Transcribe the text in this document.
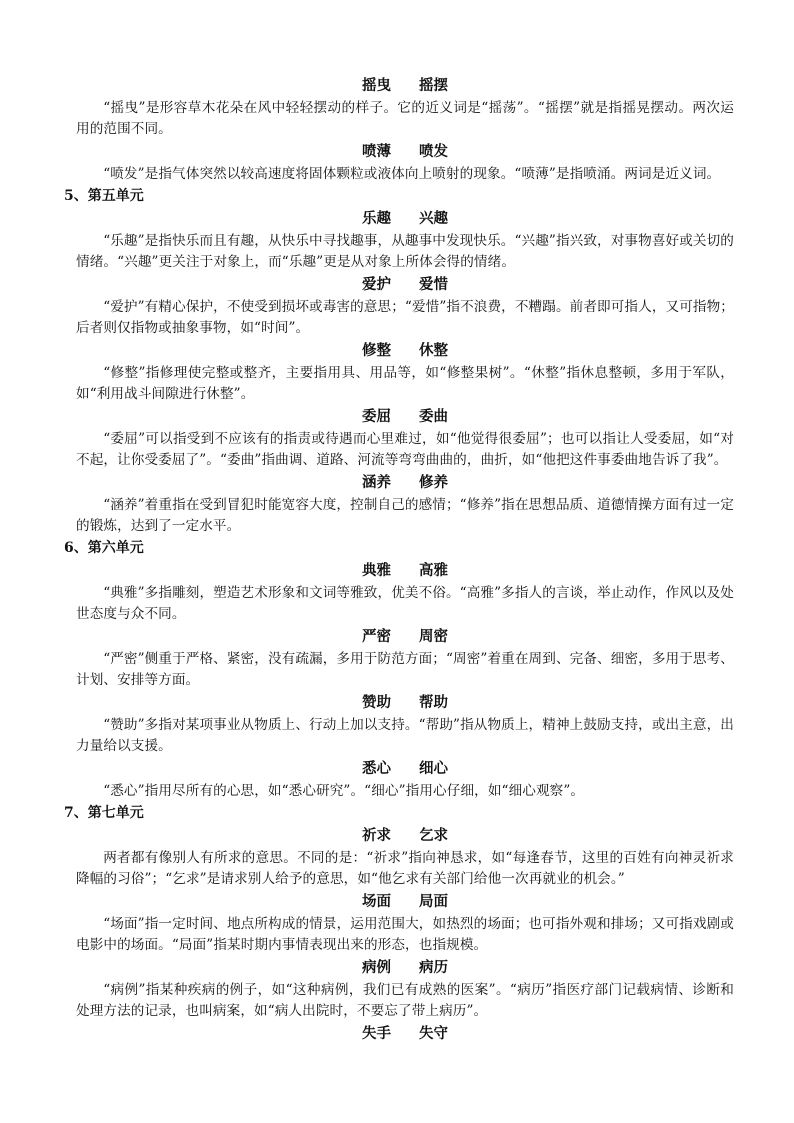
摇曳 摇摆

“摇曳”是形容草木花朵在风中轻轻摆动的样子。它的近义词是“摇荡”。“摇摆”就是指摇晃摆动。两次运用的范围不同。

喷薄 喷发

“喷发”是指气体突然以较高速度将固体颗粒或液体向上喷射的现象。“喷薄”是指喷涌。两词是近义词。

5、第五单元
乐趣 兴趣

“乐趣”是指快乐而且有趣，从快乐中寻找趣事，从趣事中发现快乐。“兴趣”指兴致，对事物喜好或关切的情绪。“兴趣”更关注于对象上，而“乐趣”更是从对象上所体会得的情绪。

爱护 爱惜

“爱护”有精心保护，不使受到损坏或毒害的意思；“爱惜”指不浪费，不糟蹋。前者即可指人，又可指物；后者则仅指物或抽象事物，如“时间”。

修整 休整

“修整”指修理使完整或整齐，主要指用具、用品等，如“修整果树”。“休整”指休息整顿，多用于军队，如“利用战斗间隙进行休整”。

委屈 委曲

“委屈”可以指受到不应该有的指责或待遇而心里难过，如“他觉得很委屈”；也可以指让人受委屈，如“对不起，让你受委屈了”。“委曲”指曲调、道路、河流等弯弯曲曲的，曲折，如“他把这件事委曲地告诉了我”。

涵养 修养

“涵养”着重指在受到冒犯时能宽容大度，控制自己的感情；“修养”指在思想品质、道德情操方面有过一定的锻炼，达到了一定水平。

6、第六单元
典雅 高雅

“典雅”多指雕刻，塑造艺术形象和文词等雅致，优美不俗。“高雅”多指人的言谈，举止动作，作风以及处世态度与众不同。

严密 周密

“严密”侧重于严格、紧密，没有疏漏，多用于防范方面；“周密”着重在周到、完备、细密，多用于思考、计划、安排等方面。

赞助 帮助

“赞助”多指对某项事业从物质上、行动上加以支持。“帮助”指从物质上，精神上鼓励支持，或出主意，出力量给以支援。

悉心 细心

“悉心”指用尽所有的心思，如“悉心研究”。“细心”指用心仔细，如“细心观察”。

7、第七单元
祈求 乞求

两者都有像别人有所求的意思。不同的是：“祈求”指向神恳求，如“每逢春节，这里的百姓有向神灵祈求降幅的习俗”；“乞求”是请求别人给予的意思，如“他乞求有关部门给他一次再就业的机会。”

场面 局面

“场面”指一定时间、地点所构成的情景，运用范围大，如热烈的场面；也可指外观和排场；又可指戏剧或电影中的场面。“局面”指某时期内事情表现出来的形态，也指规模。

病例 病历

“病例”指某种疾病的例子，如“这种病例，我们已有成熟的医案”。“病历”指医疗部门记载病情、诊断和处理方法的记录，也叫病案，如“病人出院时，不要忘了带上病历”。

失手 失守
